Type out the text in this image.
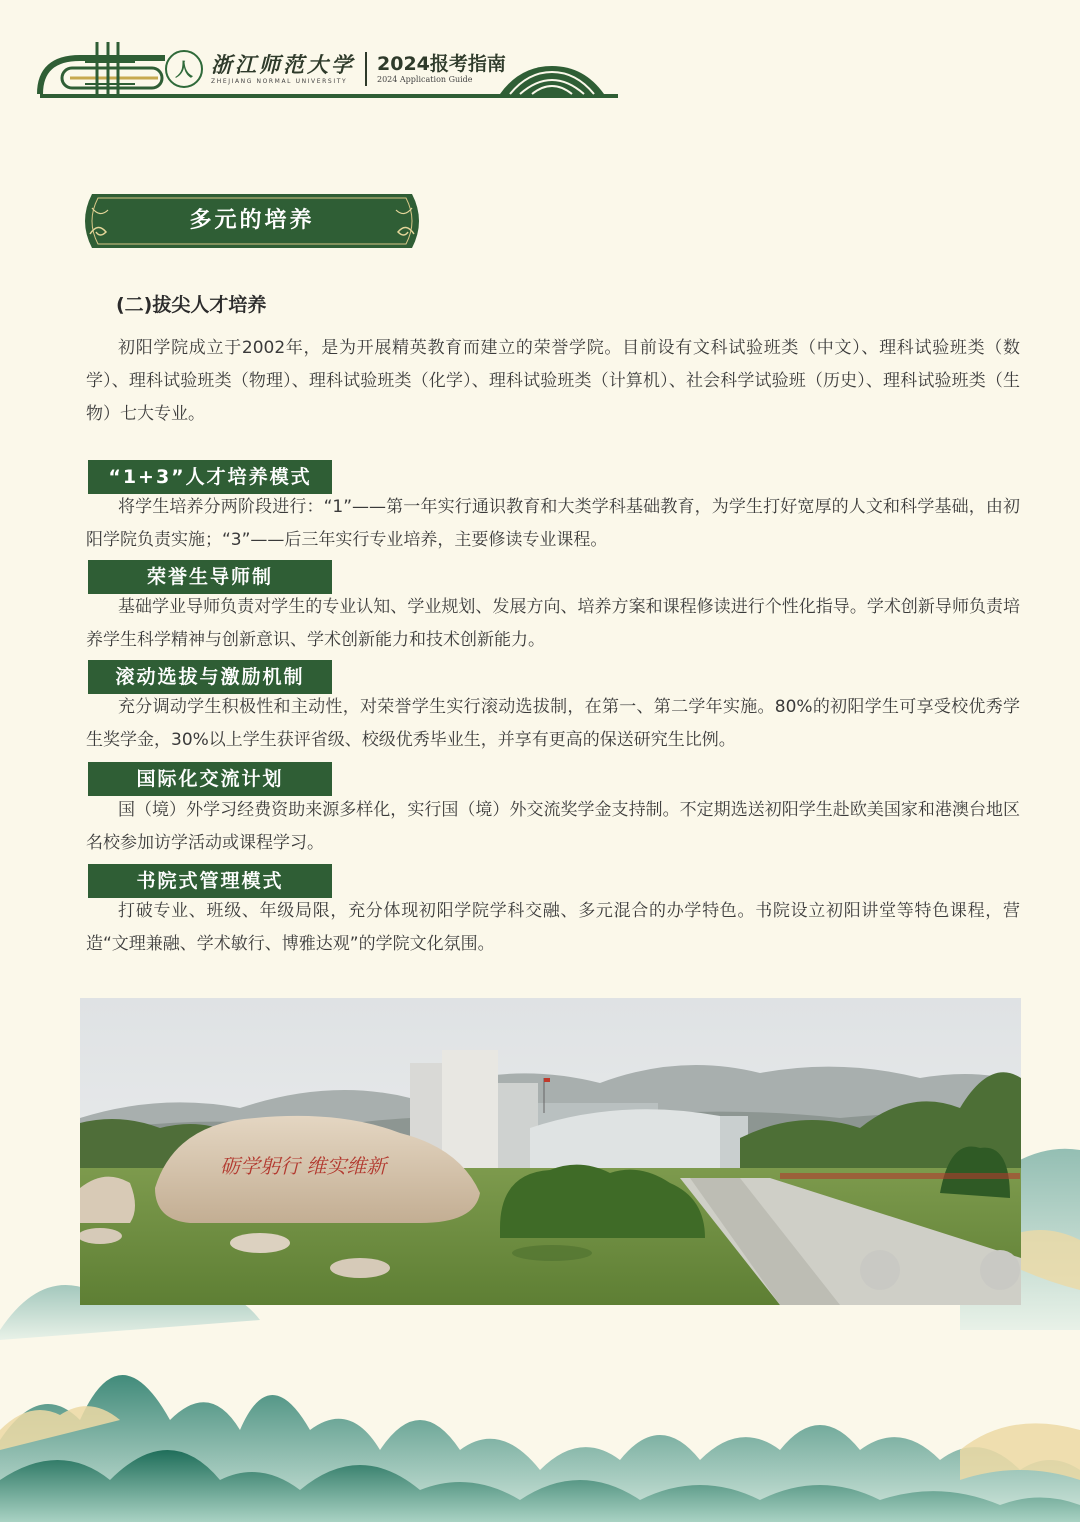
人 浙江师范大学
ZHEJIANG NORMAL UNIVERSITY
2024报考指南
2024 Application Guide
多元的培养
(二)拔尖人才培养

初阳学院成立于2002年，是为开展精英教育而建立的荣誉学院。目前设有文科试验班类（中文）、理科试验班类（数学）、理科试验班类（物理）、理科试验班类（化学）、理科试验班类（计算机）、社会科学试验班（历史）、理科试验班类（生物）七大专业。

“1+3”人才培养模式

将学生培养分两阶段进行：“1”——第一年实行通识教育和大类学科基础教育，为学生打好宽厚的人文和科学基础，由初阳学院负责实施；“3”——后三年实行专业培养，主要修读专业课程。

荣誉生导师制

基础学业导师负责对学生的专业认知、学业规划、发展方向、培养方案和课程修读进行个性化指导。学术创新导师负责培养学生科学精神与创新意识、学术创新能力和技术创新能力。

滚动选拔与激励机制

充分调动学生积极性和主动性，对荣誉学生实行滚动选拔制，在第一、第二学年实施。80%的初阳学生可享受校优秀学生奖学金，30%以上学生获评省级、校级优秀毕业生，并享有更高的保送研究生比例。

国际化交流计划

国（境）外学习经费资助来源多样化，实行国（境）外交流奖学金支持制。不定期选送初阳学生赴欧美国家和港澳台地区名校参加访学活动或课程学习。

书院式管理模式

打破专业、班级、年级局限，充分体现初阳学院学科交融、多元混合的办学特色。书院设立初阳讲堂等特色课程，营造“文理兼融、学术敏行、博雅达观”的学院文化氛围。

砺学躬行 维实维新
